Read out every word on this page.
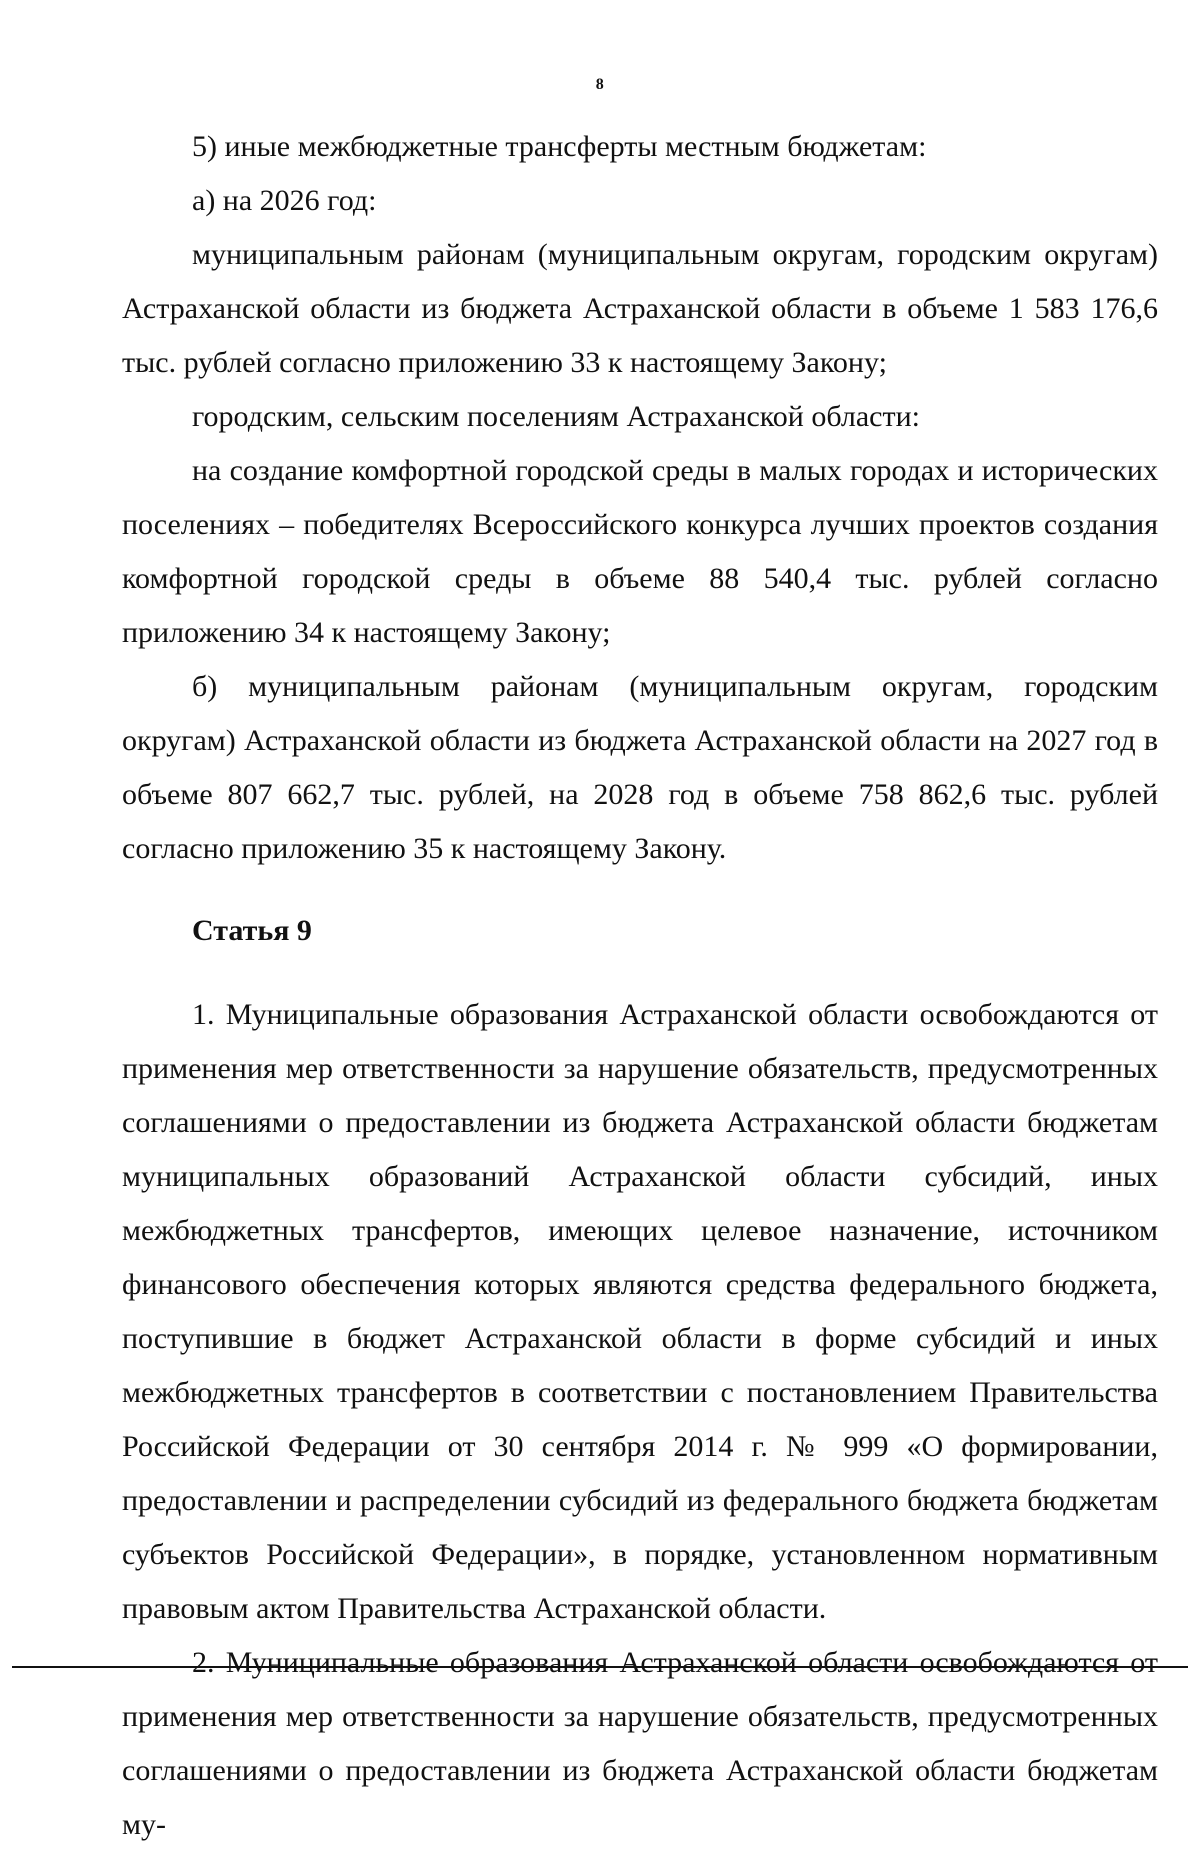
8

5) иные межбюджетные трансферты местным бюджетам:

а) на 2026 год:

муниципальным районам (муниципальным округам, городским округам) Астраханской области из бюджета Астраханской области в объеме 1 583 176,6 тыс. рублей согласно приложению 33 к настоящему Закону;

городским, сельским поселениям Астраханской области:

на создание комфортной городской среды в малых городах и исторических поселениях – победителях Всероссийского конкурса лучших проектов создания комфортной городской среды в объеме 88 540,4 тыс. рублей согласно приложению 34 к настоящему Закону;

б) муниципальным районам (муниципальным округам, городским округам) Астраханской области из бюджета Астраханской области на 2027 год в объеме 807 662,7 тыс. рублей, на 2028 год в объеме 758 862,6 тыс. рублей согласно приложению 35 к настоящему Закону.

Статья 9

1. Муниципальные образования Астраханской области освобождаются от применения мер ответственности за нарушение обязательств, предусмотренных соглашениями о предоставлении из бюджета Астраханской области бюджетам муниципальных образований Астраханской области субсидий, иных межбюджетных трансфертов, имеющих целевое назначение, источником финансового обеспечения которых являются средства федерального бюджета, поступившие в бюджет Астраханской области в форме субсидий и иных межбюджетных трансфертов в соответствии с постановлением Правительства Российской Федерации от 30 сентября 2014 г. № 999 «О формировании, предоставлении и распределении субсидий из федерального бюджета бюджетам субъектов Российской Федерации», в порядке, установленном нормативным правовым актом Правительства Астраханской области.

2. Муниципальные образования Астраханской области освобождаются от применения мер ответственности за нарушение обязательств, предусмотренных соглашениями о предоставлении из бюджета Астраханской области бюджетам му-
